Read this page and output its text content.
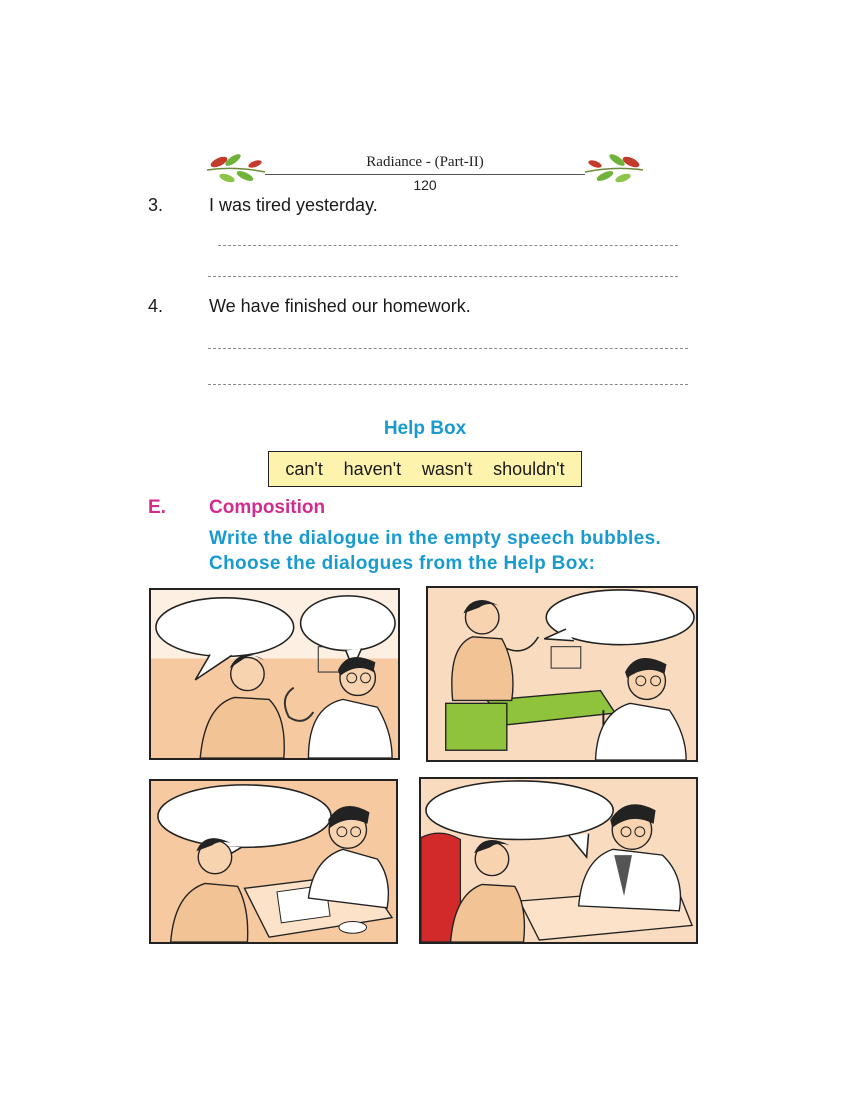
Radiance - (Part-II)
120
3.	I was tired yesterday.
4.	We have finished our homework.
Help Box
can't haven't wasn't shouldn't
E. Composition
Write the dialogue in the empty speech bubbles.
Choose the dialogues from the Help Box:
